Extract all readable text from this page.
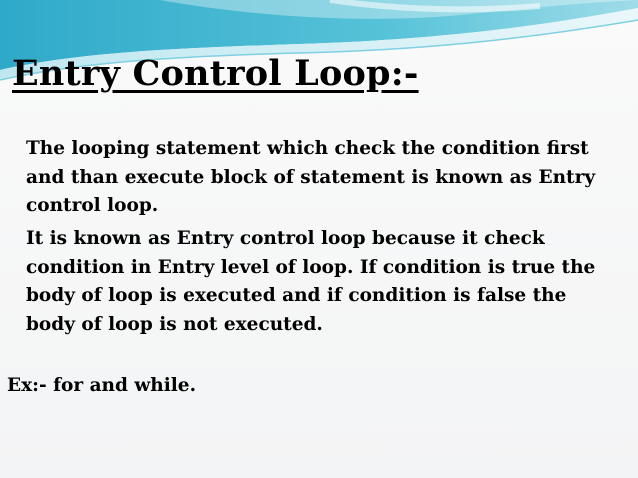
Entry Control Loop:-

The looping statement which check the condition first
and than execute block of statement is known as Entry
control loop.

It is known as Entry control loop because it check
condition in Entry level of loop. If condition is true the
body of loop is executed and if condition is false the
body of loop is not executed.

Ex:- for and while.
